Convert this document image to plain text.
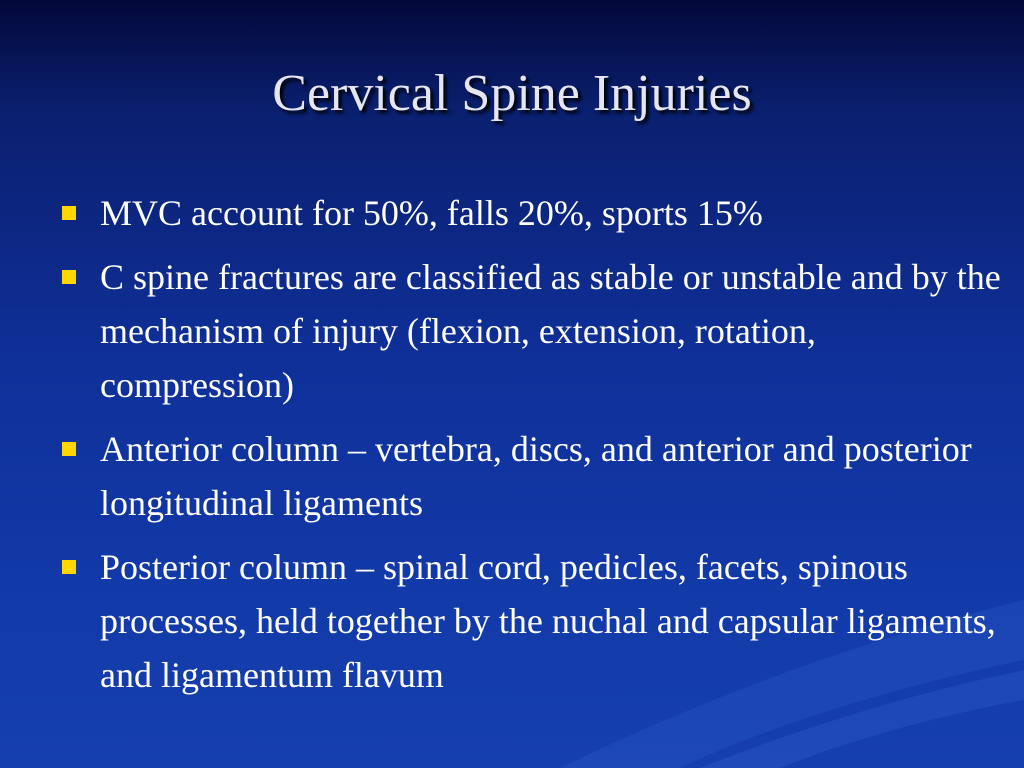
Cervical Spine Injuries
MVC account for 50%, falls 20%, sports 15%
C spine fractures are classified as stable or unstable and by the mechanism of injury (flexion, extension, rotation, compression)
Anterior column – vertebra, discs, and anterior and posterior longitudinal ligaments
Posterior column – spinal cord, pedicles, facets, spinous processes, held together by the nuchal and capsular ligaments, and ligamentum flavum
